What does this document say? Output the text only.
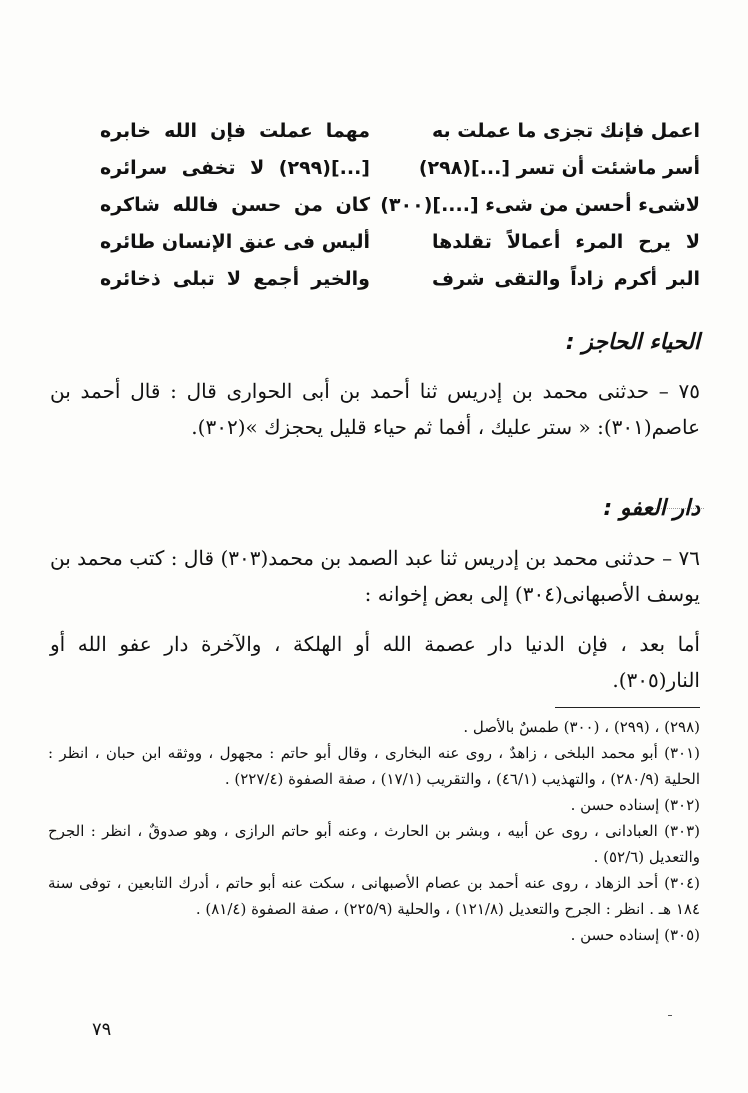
اعمل فإنك تجزى ما عملت به
مهما عملت فإن الله خابره
أسر ماشئت أن تسر [...](٢٩٨)
[...](٢٩٩) لا تخفى سرائره
لاشىء أحسن من شىء [....](٣٠٠)
كان من حسن فالله شاكره
لا يرح المرء أعمالاً تقلدها
أليس فى عنق الإنسان طائره
البر أكرم زاداً والتقى شرف
والخير أجمع لا تبلى ذخائره
الحياء الحاجز :
٧٥ – حدثنى محمد بن إدريس ثنا أحمد بن أبى الحوارى قال : قال أحمد بن عاصم(٣٠١): « ستر عليك ، أفما ثم حياء قليل يحجزك »(٣٠٢).
دار العفو :
٧٦ – حدثنى محمد بن إدريس ثنا عبد الصمد بن محمد(٣٠٣) قال : كتب محمد بن يوسف الأصبهانى(٣٠٤) إلى بعض إخوانه :
أما بعد ، فإن الدنيا دار عصمة الله أو الهلكة ، والآخرة دار عفو الله أو النار(٣٠٥).

(٢٩٨) ، (٢٩٩) ، (٣٠٠) طمسٌ بالأصل .

(٣٠١) أبو محمد البلخى ، زاهدٌ ، روى عنه البخارى ، وقال أبو حاتم : مجهول ، ووثقه ابن حبان ، انظر : الحلية (٢٨٠/٩) ، والتهذيب (٤٦/١) ، والتقريب (١٧/١) ، صفة الصفوة (٢٢٧/٤) .

(٣٠٢) إسناده حسن .

(٣٠٣) العبادانى ، روى عن أبيه ، وبشر بن الحارث ، وعنه أبو حاتم الرازى ، وهو صدوقٌ ، انظر : الجرح والتعديل (٥٢/٦) .

(٣٠٤) أحد الزهاد ، روى عنه أحمد بن عصام الأصبهانى ، سكت عنه أبو حاتم ، أدرك التابعين ، توفى سنة ١٨٤ هـ . انظر : الجرح والتعديل (١٢١/٨) ، والحلية (٢٢٥/٩) ، صفة الصفوة (٨١/٤) .

(٣٠٥) إسناده حسن .

٧٩
